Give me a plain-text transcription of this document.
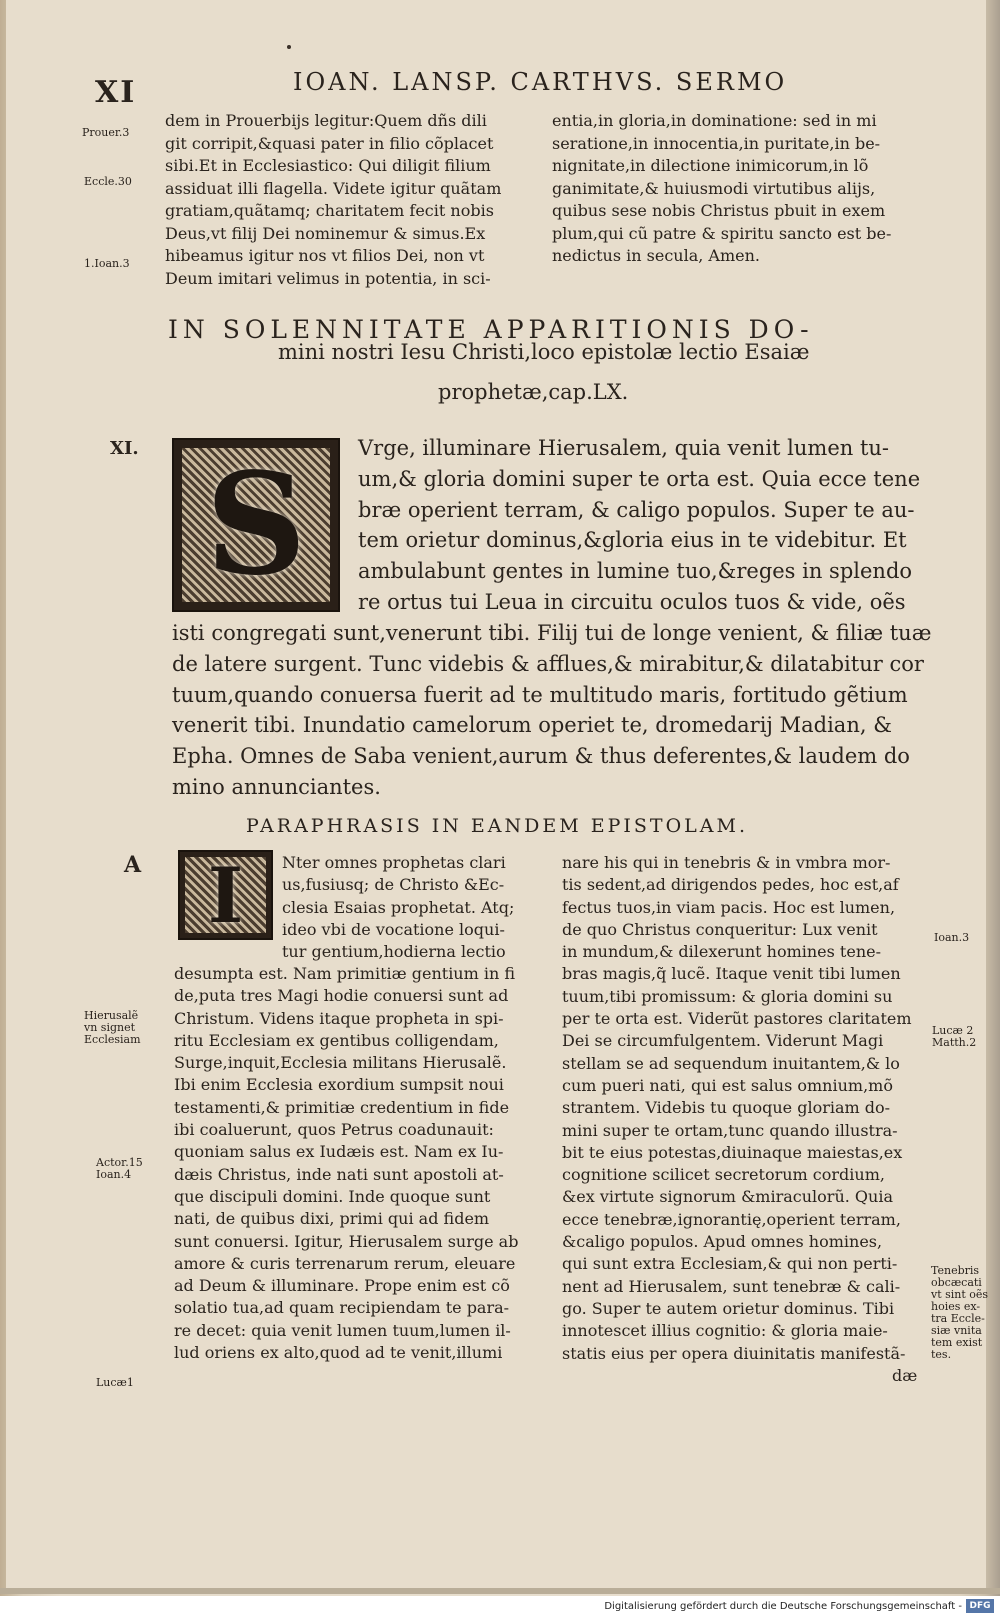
XI	IOAN. LANSP. CARTHVS. SERMO
Prouer.3
Eccle.30
1.Ioan.3
dem in Prouerbijs legitur:Quem dñs dili
git corripit,&quasi pater in filio cõplacet
sibi.Et in Ecclesiastico: Qui diligit filium
assiduat illi flagella. Videte igitur quãtam
gratiam,quãtamq; charitatem fecit nobis
Deus,vt filij Dei nominemur & simus.Ex
hibeamus igitur nos vt filios Dei, non vt
Deum imitari velimus in potentia, in sci-
entia,in gloria,in dominatione: sed in mi
seratione,in innocentia,in puritate,in be-
nignitate,in dilectione inimicorum,in lõ
ganimitate,& huiusmodi virtutibus alijs,
quibus sese nobis Christus pbuit in exem
plum,qui cũ patre & spiritu sancto est be-
nedictus in secula, Amen.
IN SOLENNITATE APPARITIONIS DO-
mini nostri Iesu Christi,loco epistolæ lectio Esaiæ
prophetæ,cap.LX.
XI. S	Vrge, illuminare Hierusalem, quia venit lumen tu-
um,& gloria domini super te orta est. Quia ecce tene
bræ operient terram, & caligo populos. Super te au-
tem orietur dominus,&gloria eius in te videbitur. Et
ambulabunt gentes in lumine tuo,&reges in splendo
re ortus tui Leua in circuitu oculos tuos & vide, oẽs
isti congregati sunt,venerunt tibi. Filij tui de longe venient, & filiæ tuæ
de latere surgent. Tunc videbis & afflues,& mirabitur,& dilatabitur cor
tuum,quando conuersa fuerit ad te multitudo maris, fortitudo gẽtium
venerit tibi. Inundatio camelorum operiet te, dromedarij Madian, &
Epha. Omnes de Saba venient,aurum & thus deferentes,& laudem do
mino annunciantes.
PARAPHRASIS IN EANDEM EPISTOLAM.
A I	Nter omnes prophetas clari
us,fusiusq; de Christo &Ec-
clesia Esaias prophetat. Atq;
ideo vbi de vocatione loqui-
tur gentium,hodierna lectio
desumpta est. Nam primitiæ gentium in fi
de,puta tres Magi hodie conuersi sunt ad
Christum. Videns itaque propheta in spi-
ritu Ecclesiam ex gentibus colligendam,
Surge,inquit,Ecclesia militans Hierusalẽ.
Ibi enim Ecclesia exordium sumpsit noui
testamenti,& primitiæ credentium in fide
ibi coaluerunt, quos Petrus coadunauit:
quoniam salus ex Iudæis est. Nam ex Iu-
dæis Christus, inde nati sunt apostoli at-
que discipuli domini. Inde quoque sunt
nati, de quibus dixi, primi qui ad fidem
sunt conuersi. Igitur, Hierusalem surge ab
amore & curis terrenarum rerum, eleuare
ad Deum & illuminare. Prope enim est cõ
solatio tua,ad quam recipiendam te para-
re decet: quia venit lumen tuum,lumen il-
lud oriens ex alto,quod ad te venit,illumi
nare his qui in tenebris & in vmbra mor-
tis sedent,ad dirigendos pedes, hoc est,af
fectus tuos,in viam pacis. Hoc est lumen,
de quo Christus conqueritur: Lux venit
in mundum,& dilexerunt homines tene-
bras magis,q̃ lucẽ. Itaque venit tibi lumen
tuum,tibi promissum: & gloria domini su
per te orta est. Viderũt pastores claritatem
Dei se circumfulgentem. Viderunt Magi
stellam se ad sequendum inuitantem,& lo
cum pueri nati, qui est salus omnium,mõ
strantem. Videbis tu quoque gloriam do-
mini super te ortam,tunc quando illustra-
bit te eius potestas,diuinaque maiestas,ex
cognitione scilicet secretorum cordium,
&ex virtute signorum &miraculorũ. Quia
ecce tenebræ,ignorantię,operient terram,
&caligo populos. Apud omnes homines,
qui sunt extra Ecclesiam,& qui non perti-
nent ad Hierusalem, sunt tenebræ & cali-
go. Super te autem orietur dominus. Tibi
innotescet illius cognitio: & gloria maie-
statis eius per opera diuinitatis manifestã-
dæ
Hierusalẽ
vn signet
Ecclesiam
Actor.15
Ioan.4
Lucæ1
Ioan.3
Lucæ 2
Matth.2
Tenebris
obcæcati
vt sint oẽs
hoies ex-
tra Eccle-
siæ vnita
tem exist
tes.
Digitalisierung gefördert durch die Deutsche Forschungsgemeinschaft - DFG
